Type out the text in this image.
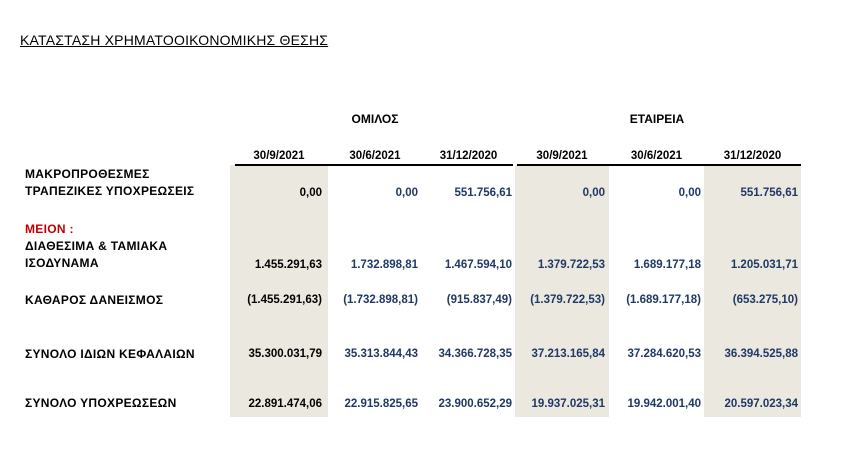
ΚΑΤΑΣΤΑΣΗ ΧΡΗΜΑΤΟΟΙΚΟΝΟΜΙΚΗΣ ΘΕΣΗΣ
ΟΜΙΛΟΣ	ΕΤΑΙΡΕΙΑ
30/9/2021	30/6/2021	31/12/2020	30/9/2021	30/6/2021	31/12/2020
ΜΑΚΡΟΠΡΟΘΕΣΜΕΣ
ΤΡΑΠΕΖΙΚΕΣ ΥΠΟΧΡΕΩΣΕΙΣ	0,00	0,00	551.756,61	0,00	0,00	551.756,61
ΜΕΙΟΝ :
ΔΙΑΘΕΣΙΜΑ & ΤΑΜΙΑΚΑ
ΙΣΟΔΥΝΑΜΑ	1.455.291,63	1.732.898,81	1.467.594,10	1.379.722,53	1.689.177,18	1.205.031,71
ΚΑΘΑΡΟΣ ΔΑΝΕΙΣΜΟΣ	(1.455.291,63)	(1.732.898,81)	(915.837,49)	(1.379.722,53)	(1.689.177,18)	(653.275,10)
ΣΥΝΟΛΟ ΙΔΙΩΝ ΚΕΦΑΛΑΙΩΝ	35.300.031,79	35.313.844,43	34.366.728,35	37.213.165,84	37.284.620,53	36.394.525,88
ΣΥΝΟΛΟ ΥΠΟΧΡΕΩΣΕΩΝ	22.891.474,06	22.915.825,65	23.900.652,29	19.937.025,31	19.942.001,40	20.597.023,34
